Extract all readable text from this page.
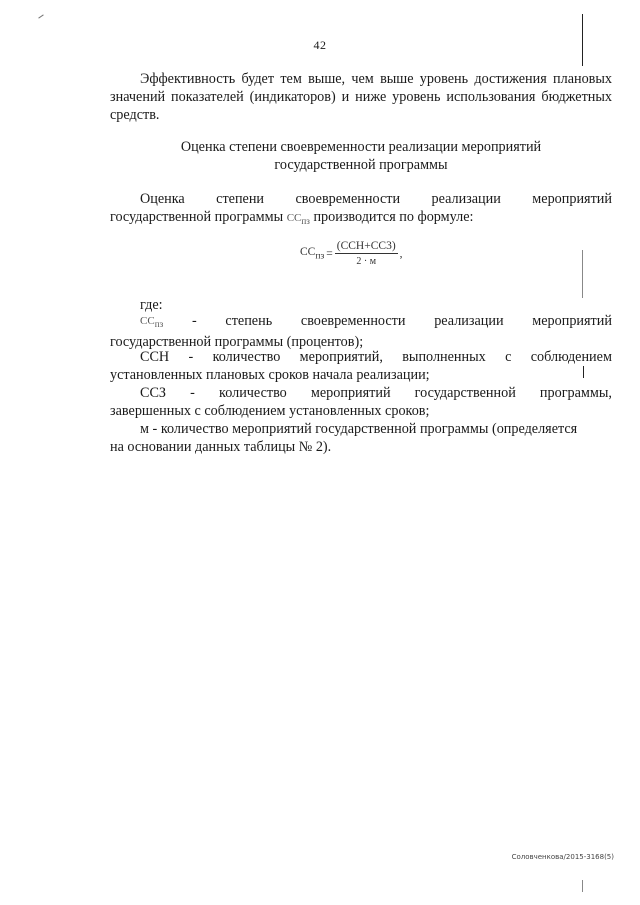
42

Эффективность будет тем выше, чем выше уровень достижения плановых значений показателей (индикаторов) и ниже уровень использования бюджетных средств.

Оценка степени своевременности реализации мероприятий
государственной программы
Оценка степени своевременности реализации мероприятий
государственной программы $CC_{пз}$ производится по формуле:
$CC_{пз} = \frac{\text{(CCH+CC3)}}{2 \cdot м}$ ,
где:
$CC_{пз}$ - степень своевременности реализации мероприятий
государственной программы (процентов);
ССН - количество мероприятий, выполненных с соблюдением
установленных плановых сроков начала реализации;
ССЗ - количество мероприятий государственной программы,
завершенных с соблюдением установленных сроков;
м - количество мероприятий государственной программы (определяется
на основании данных таблицы № 2).
Соловченкова/2015-3168(5)
